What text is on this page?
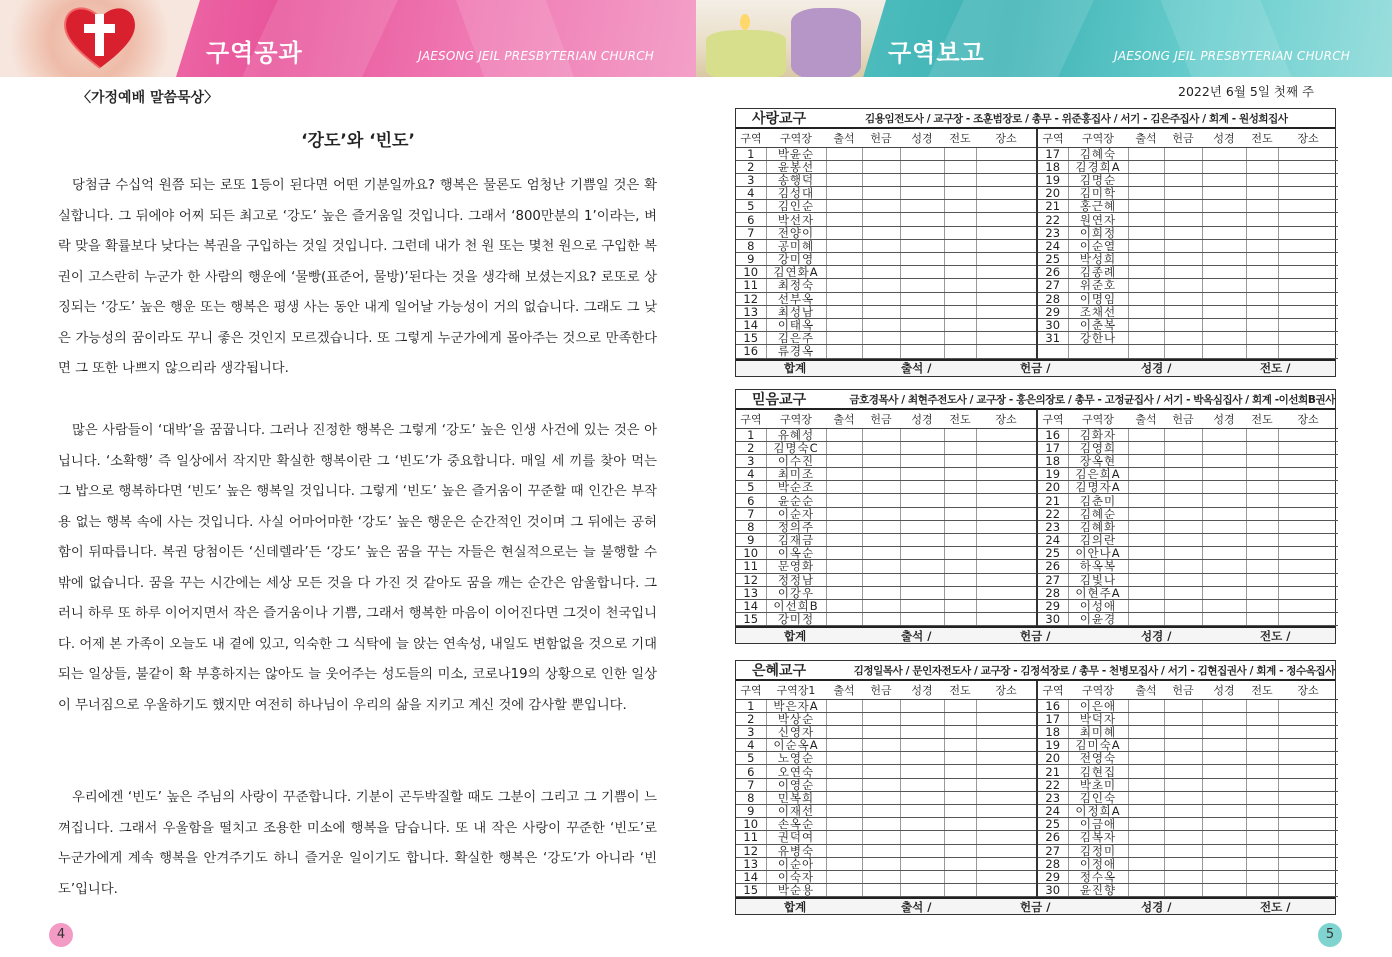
구역공과	JAESONG JEIL PRESBYTERIAN CHURCH
〈가정예배 말씀묵상〉
‘강도’와 ‘빈도’

당첨금 수십억 원쯤 되는 로또 1등이 된다면 어떤 기분일까요? 행복은 물론도 엄청난 기쁨일 것은 확실합니다. 그 뒤에야 어찌 되든 최고로 ‘강도’ 높은 즐거움일 것입니다. 그래서 ‘800만분의 1’이라는, 벼락 맞을 확률보다 낮다는 복권을 구입하는 것일 것입니다. 그런데 내가 천 원 또는 몇천 원으로 구입한 복권이 고스란히 누군가 한 사람의 행운에 ‘물빵(표준어, 물방)’된다는 것을 생각해 보셨는지요? 로또로 상징되는 ‘강도’ 높은 행운 또는 행복은 평생 사는 동안 내게 일어날 가능성이 거의 없습니다. 그래도 그 낮은 가능성의 꿈이라도 꾸니 좋은 것인지 모르겠습니다. 또 그렇게 누군가에게 몰아주는 것으로 만족한다면 그 또한 나쁘지 않으리라 생각됩니다.

많은 사람들이 ‘대박’을 꿈꿉니다. 그러나 진정한 행복은 그렇게 ‘강도’ 높은 인생 사건에 있는 것은 아닙니다. ‘소확행’ 즉 일상에서 작지만 확실한 행복이란 그 ‘빈도’가 중요합니다. 매일 세 끼를 찾아 먹는 그 밥으로 행복하다면 ‘빈도’ 높은 행복일 것입니다. 그렇게 ‘빈도’ 높은 즐거움이 꾸준할 때 인간은 부작용 없는 행복 속에 사는 것입니다. 사실 어마어마한 ‘강도’ 높은 행운은 순간적인 것이며 그 뒤에는 공허함이 뒤따릅니다. 복권 당첨이든 ‘신데렐라’든 ‘강도’ 높은 꿈을 꾸는 자들은 현실적으로는 늘 불행할 수밖에 없습니다. 꿈을 꾸는 시간에는 세상 모든 것을 다 가진 것 같아도 꿈을 깨는 순간은 암울합니다. 그러니 하루 또 하루 이어지면서 작은 즐거움이나 기쁨, 그래서 행복한 마음이 이어진다면 그것이 천국입니다. 어제 본 가족이 오늘도 내 곁에 있고, 익숙한 그 식탁에 늘 앉는 연속성, 내일도 변함없을 것으로 기대되는 일상들, 불같이 확 부흥하지는 않아도 늘 웃어주는 성도들의 미소, 코로나19의 상황으로 인한 일상이 무너짐으로 우울하기도 했지만 여전히 하나님이 우리의 삶을 지키고 계신 것에 감사할 뿐입니다.

우리에겐 ‘빈도’ 높은 주님의 사랑이 꾸준합니다. 기분이 곤두박질할 때도 그분이 그리고 그 기쁨이 느껴집니다. 그래서 우울함을 떨치고 조용한 미소에 행복을 담습니다. 또 내 작은 사랑이 꾸준한 ‘빈도’로 누군가에게 계속 행복을 안겨주기도 하니 즐거운 일이기도 합니다. 확실한 행복은 ‘강도’가 아니라 ‘빈도’입니다.

4
구역보고	JAESONG JEIL PRESBYTERIAN CHURCH
2022년 6월 5일 첫째 주
사랑교구	김용임전도사 / 교구장 - 조훈범장로 / 총무 - 위준홍집사 / 서기 - 김은주집사 / 회계 - 원성희집사
구역	구역장	출석	헌금	성경	전도	장소
1	박윤순					
2	윤봉선					
3	송행덕					
4	김성대					
5	김인순					
6	박선자					
7	전양이					
8	공미혜					
9	강미영					
10	김연화A					
11	최정숙					
12	선부옥					
13	최성남					
14	이태옥					
15	김은주					
16	류경옥					
구역	구역장	출석	헌금	성경	전도	장소
17	김혜숙					
18	김경희A					
19	김명순					
20	김미학					
21	홍근혜					
22	원연자					
23	이희정					
24	이순열					
25	박성희					
26	김종례					
27	위준호					
28	이명임					
29	조채선					
30	이춘복					
31	강한나					

합계	출석 /	헌금 /	성경 /	전도 /
믿음교구	금호경목사 / 최현주전도사 / 교구장 - 홍은의장로 / 총무 - 고정균집사 / 서기 - 박옥심집사 / 회계 -이선희B권사
구역	구역장	출석	헌금	성경	전도	장소
1	유혜성					
2	김명숙C					
3	이수진					
4	최미조					
5	박순조					
6	윤순순					
7	이순자					
8	정의주					
9	김재금					
10	이옥순					
11	문영화					
12	정정남					
13	이강우					
14	이선희B					
15	강미정					
구역	구역장	출석	헌금	성경	전도	장소
16	김화자					
17	김영희					
18	장옥현					
19	김은희A					
20	김명자A					
21	김춘미					
22	김혜순					
23	김혜화					
24	김의란					
25	이안나A					
26	하옥복					
27	김빛나					
28	이현주A					
29	이성애					
30	이윤경					
합계	출석 /	헌금 /	성경 /	전도 /
은혜교구	김정일목사 / 문인자전도사 / 교구장 - 김정석장로 / 총무 - 천병모집사 / 서기 - 김현집권사 / 회계 - 정수옥집사
구역	구역장1	출석	헌금	성경	전도	장소
1	박은자A					
2	박상순					
3	신영자					
4	이순옥A					
5	노영순					
6	오연숙					
7	이영순					
8	민복희					
9	이재선					
10	손옥순					
11	권덕여					
12	유병숙					
13	이순아					
14	이숙자					
15	박순용					
구역	구역장	출석	헌금	성경	전도	장소
16	이은애					
17	박덕자					
18	최미혜					
19	김미숙A					
20	전영숙					
21	김현집					
22	박초미					
23	김인숙					
24	이정희A					
25	이금애					
26	김복자					
27	김정미					
28	이정애					
29	정수옥					
30	윤진향					
합계	출석 /	헌금 /	성경 /	전도 /
5
